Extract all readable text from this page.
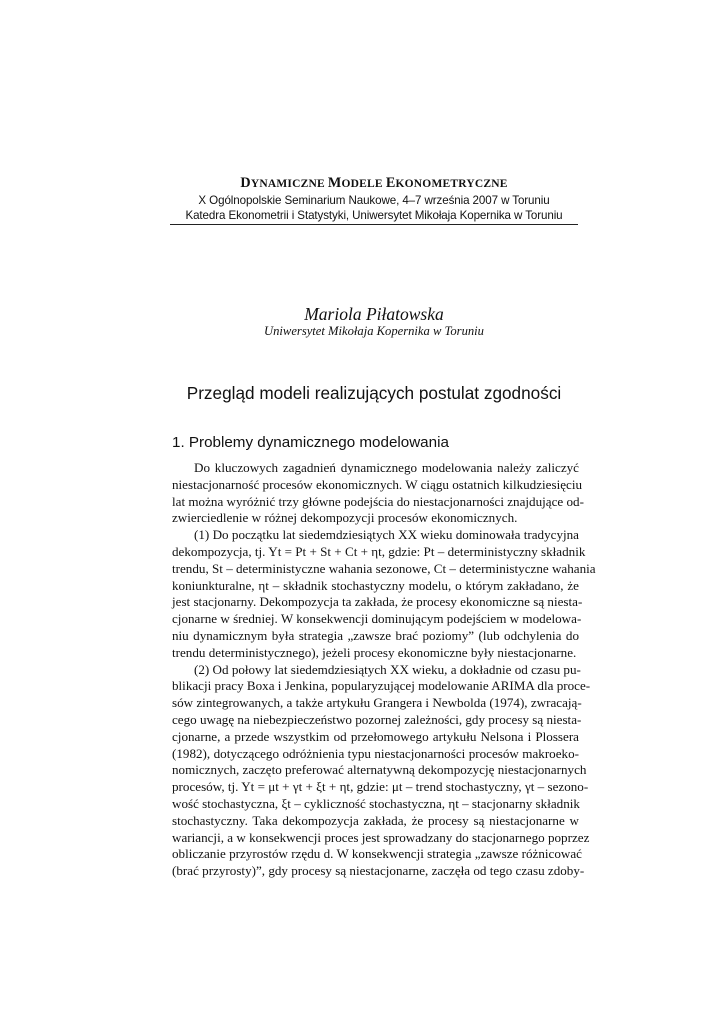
DYNAMICZNE MODELE EKONOMETRYCZNE
X Ogólnopolskie Seminarium Naukowe, 4–7 września 2007 w Toruniu
Katedra Ekonometrii i Statystyki, Uniwersytet Mikołaja Kopernika w Toruniu
Mariola Piłatowska
Uniwersytet Mikołaja Kopernika w Toruniu
Przegląd modeli realizujących postulat zgodności
1. Problemy dynamicznego modelowania
Do kluczowych zagadnień dynamicznego modelowania należy zaliczyć
niestacjonarność procesów ekonomicznych. W ciągu ostatnich kilkudziesięciu
lat można wyróżnić trzy główne podejścia do niestacjonarności znajdujące od-
zwierciedlenie w różnej dekompozycji procesów ekonomicznych.
(1) Do początku lat siedemdziesiątych XX wieku dominowała tradycyjna
dekompozycja, tj. Yt = Pt + St + Ct + ηt, gdzie: Pt – deterministyczny składnik
trendu, St – deterministyczne wahania sezonowe, Ct – deterministyczne wahania
koniunkturalne, ηt – składnik stochastyczny modelu, o którym zakładano, że
jest stacjonarny. Dekompozycja ta zakłada, że procesy ekonomiczne są niesta-
cjonarne w średniej. W konsekwencji dominującym podejściem w modelowa-
niu dynamicznym była strategia „zawsze brać poziomy” (lub odchylenia do
trendu deterministycznego), jeżeli procesy ekonomiczne były niestacjonarne.
(2) Od połowy lat siedemdziesiątych XX wieku, a dokładnie od czasu pu-
blikacji pracy Boxa i Jenkina, popularyzującej modelowanie ARIMA dla proce-
sów zintegrowanych, a także artykułu Grangera i Newbolda (1974), zwracają-
cego uwagę na niebezpieczeństwo pozornej zależności, gdy procesy są niesta-
cjonarne, a przede wszystkim od przełomowego artykułu Nelsona i Plossera
(1982), dotyczącego odróżnienia typu niestacjonarności procesów makroeko-
nomicznych, zaczęto preferować alternatywną dekompozycję niestacjonarnych
procesów, tj. Yt = μt + γt + ξt + ηt, gdzie: μt – trend stochastyczny, γt – sezono-
wość stochastyczna, ξt – cykliczność stochastyczna, ηt – stacjonarny składnik
stochastyczny. Taka dekompozycja zakłada, że procesy są niestacjonarne w
wariancji, a w konsekwencji proces jest sprowadzany do stacjonarnego poprzez
obliczanie przyrostów rzędu d. W konsekwencji strategia „zawsze różnicować
(brać przyrosty)”, gdy procesy są niestacjonarne, zaczęła od tego czasu zdoby-
